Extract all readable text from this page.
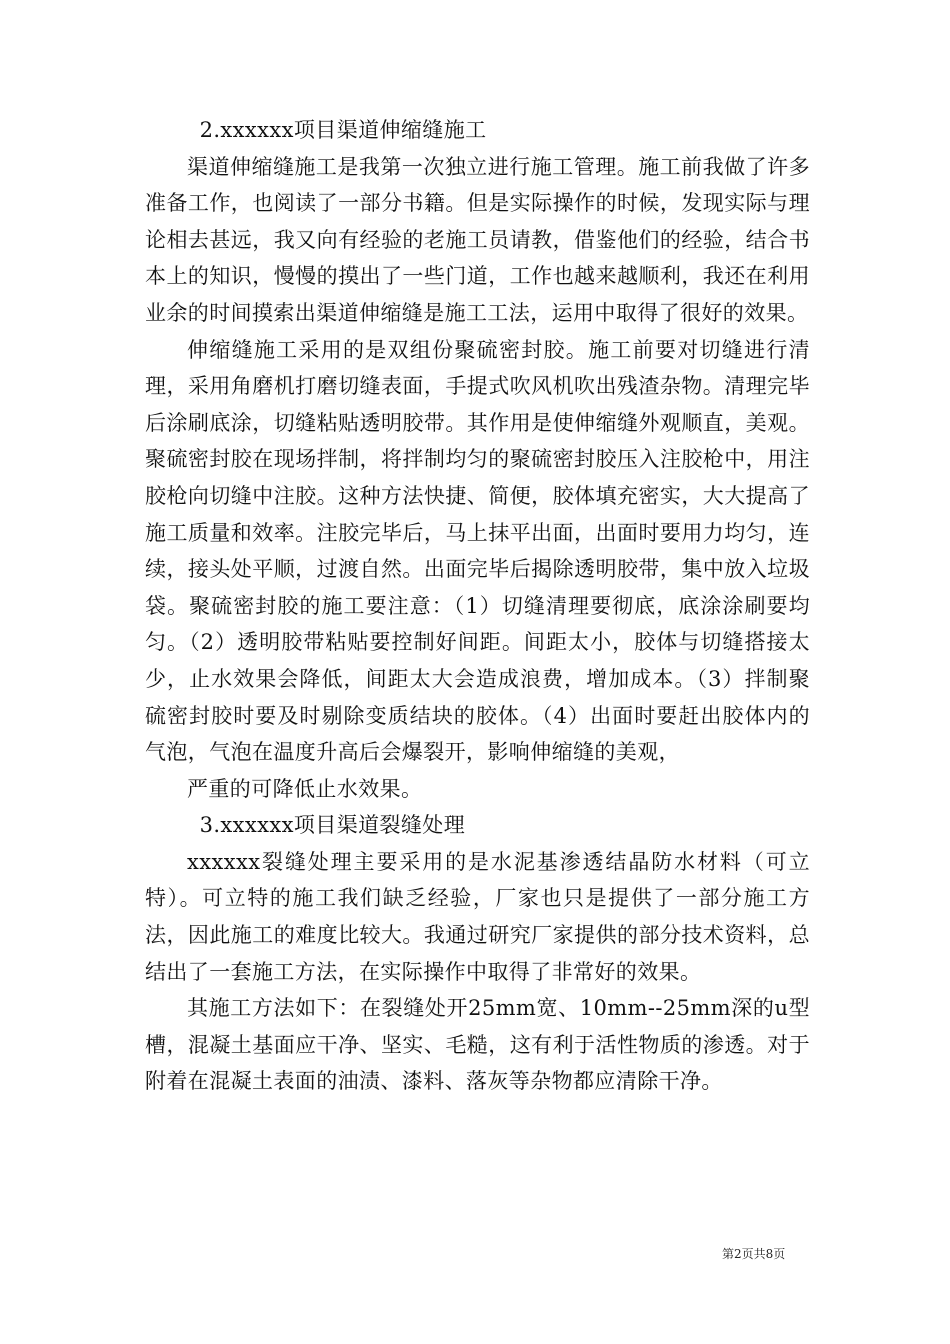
2.xxxxxx项目渠道伸缩缝施工

渠道伸缩缝施工是我第一次独立进行施工管理。施工前我做了许多准备工作，也阅读了一部分书籍。但是实际操作的时候，发现实际与理论相去甚远，我又向有经验的老施工员请教，借鉴他们的经验，结合书本上的知识，慢慢的摸出了一些门道，工作也越来越顺利，我还在利用业余的时间摸索出渠道伸缩缝是施工工法，运用中取得了很好的效果。

伸缩缝施工采用的是双组份聚硫密封胶。施工前要对切缝进行清理，采用角磨机打磨切缝表面，手提式吹风机吹出残渣杂物。清理完毕后涂刷底涂，切缝粘贴透明胶带。其作用是使伸缩缝外观顺直，美观。聚硫密封胶在现场拌制，将拌制均匀的聚硫密封胶压入注胶枪中，用注胶枪向切缝中注胶。这种方法快捷、简便，胶体填充密实，大大提高了施工质量和效率。注胶完毕后，马上抹平出面，出面时要用力均匀，连续，接头处平顺，过渡自然。出面完毕后揭除透明胶带，集中放入垃圾袋。聚硫密封胶的施工要注意：（1）切缝清理要彻底，底涂涂刷要均匀。（2）透明胶带粘贴要控制好间距。间距太小，胶体与切缝搭接太少，止水效果会降低，间距太大会造成浪费，增加成本。（3）拌制聚硫密封胶时要及时剔除变质结块的胶体。（4）出面时要赶出胶体内的气泡，气泡在温度升高后会爆裂开，影响伸缩缝的美观，

严重的可降低止水效果。

3.xxxxxx项目渠道裂缝处理

xxxxxx裂缝处理主要采用的是水泥基渗透结晶防水材料（可立特）。可立特的施工我们缺乏经验，厂家也只是提供了一部分施工方法，因此施工的难度比较大。我通过研究厂家提供的部分技术资料，总结出了一套施工方法，在实际操作中取得了非常好的效果。

其施工方法如下：在裂缝处开25mm宽、10mm--25mm深的u型槽，混凝土基面应干净、坚实、毛糙，这有利于活性物质的渗透。对于附着在混凝土表面的油渍、漆料、落灰等杂物都应清除干净。

第2页共8页
